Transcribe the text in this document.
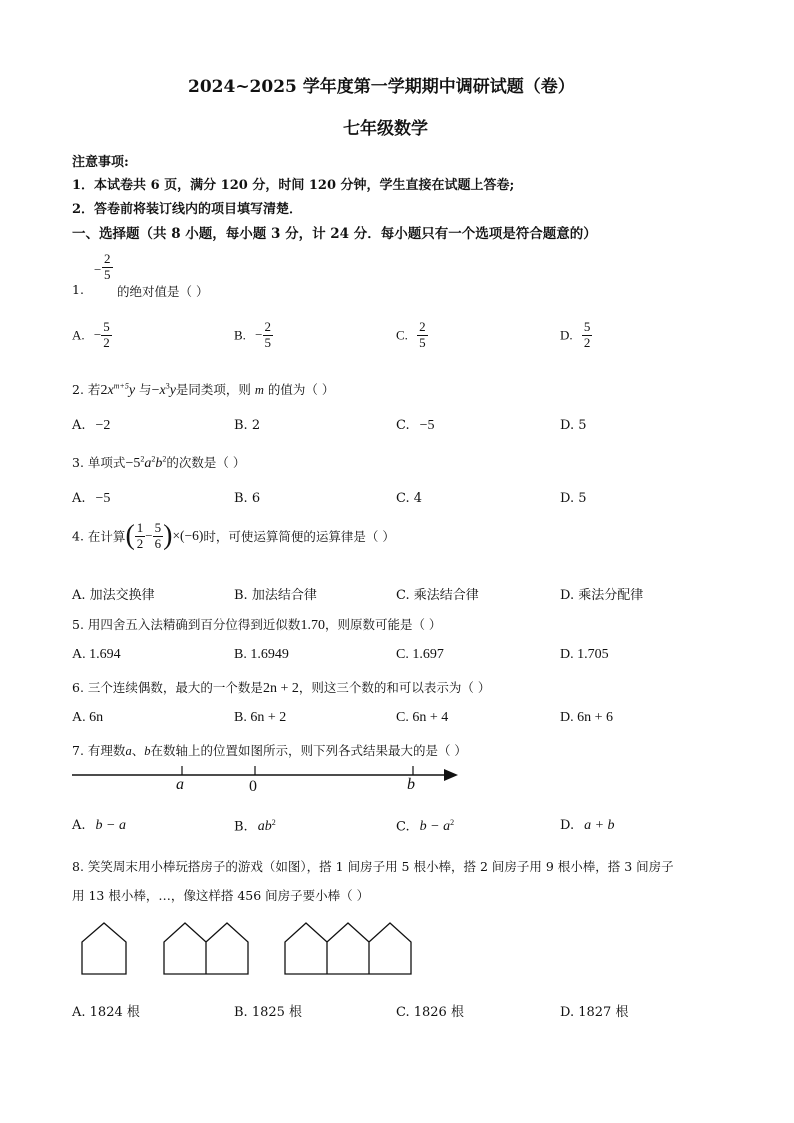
2024~2025 学年度第一学期期中调研试题（卷）
七年级数学
注意事项:
1．本试卷共 6 页，满分 120 分，时间 120 分钟，学生直接在试题上答卷;
2．答卷前将装订线内的项目填写清楚．
一、选择题（共 8 小题，每小题 3 分，计 24 分．每小题只有一个选项是符合题意的）
1.
− $\frac{2}{5}$
的绝对值是（ ）
A. − $\frac{5}{2}$	B. − $\frac{2}{5}$	C. $\frac{2}{5}$	D. $\frac{5}{2}$
2. 若$2x^{m+5}y$ 与$-x^3y$是同类项，则 m 的值为（ ）
A. −2	B. 2	C. −5	D. 5
3. 单项式$-5^2a^2b^2$的次数是（ ）
A. −5	B. 6	C. 4	D. 5
4. 在计算( $\frac{1}{2} - \frac{5}{6} )\times(-6)$时，可使运算简便的运算律是（ ）
A. 加法交换律	B. 加法结合律	C. 乘法结合律	D. 乘法分配律
5. 用四舍五入法精确到百分位得到近似数1.70，则原数可能是（ ）
A. 1.694	B. 1.6949	C. 1.697	D. 1.705
6. 三个连续偶数，最大的一个数是2n + 2，则这三个数的和可以表示为（ ）
A. 6n	B. 6n + 2	C. 6n + 4	D. 6n + 6
7. 有理数a、b在数轴上的位置如图所示，则下列各式结果最大的是（ ）
a	0	b
A. b − a	B. $ab^2$	C. $b - a^2$	D. a + b
8. 笑笑周末用小棒玩搭房子的游戏（如图），搭 1 间房子用 5 根小棒，搭 2 间房子用 9 根小棒，搭 3 间房子
用 13 根小棒，…，像这样搭 456 间房子要小棒（ ）
A. 1824 根	B. 1825 根	C. 1826 根	D. 1827 根
